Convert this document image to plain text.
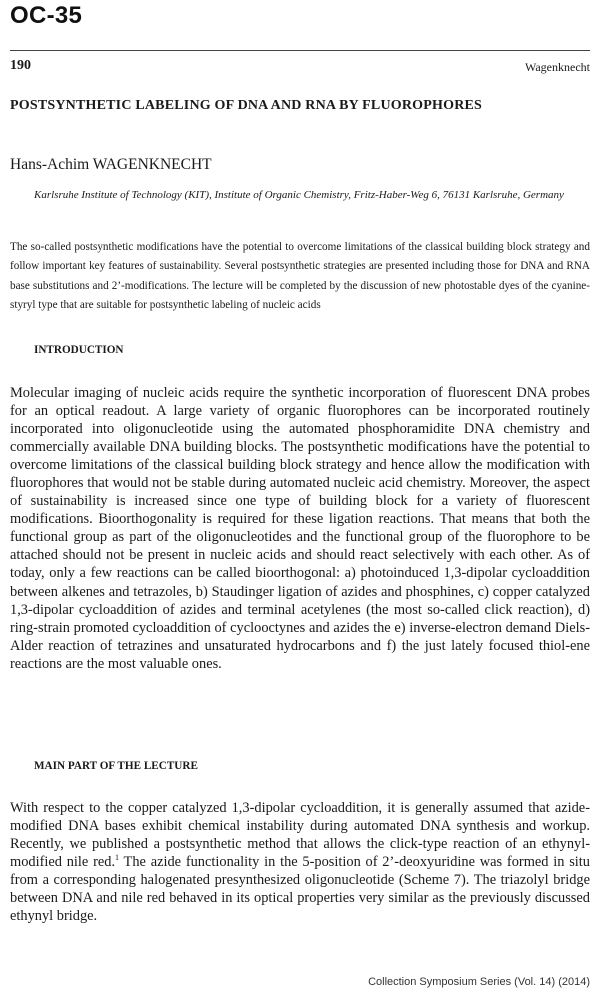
OC-35
190	Wagenknecht
POSTSYNTHETIC LABELING OF DNA AND RNA BY FLUOROPHORES
Hans-Achim WAGENKNECHT
Karlsruhe Institute of Technology (KIT), Institute of Organic Chemistry, Fritz-Haber-Weg 6, 76131 Karlsruhe, Germany
The so-called postsynthetic modifications have the potential to overcome limitations of the classical building block strategy and follow important key features of sustainability. Several postsynthetic strategies are presented including those for DNA and RNA base substitutions and 2’-modifications. The lecture will be completed by the discussion of new photostable dyes of the cyanine-styryl type that are suitable for postsynthetic labeling of nucleic acids
INTRODUCTION
Molecular imaging of nucleic acids require the synthetic incorporation of fluorescent DNA probes for an optical readout. A large variety of organic fluorophores can be incorporated routinely incorporated into oligonucleotide using the automated phosphoramidite DNA chemistry and commercially available DNA building blocks. The postsynthetic modifications have the potential to overcome limitations of the classical building block strategy and hence allow the modification with fluorophores that would not be stable during automated nucleic acid chemistry. Moreover, the aspect of sustainability is increased since one type of building block for a variety of fluorescent modifications. Bioorthogonality is required for these ligation reactions. That means that both the functional group as part of the oligonucleotides and the functional group of the fluorophore to be attached should not be present in nucleic acids and should react selectively with each other. As of today, only a few reactions can be called bioorthogonal: a) photoinduced 1,3-dipolar cycloaddition between alkenes and tetrazoles, b) Staudinger ligation of azides and phosphines, c) copper catalyzed 1,3-dipolar cycloaddition of azides and terminal acetylenes (the most so-called click reaction), d) ring-strain promoted cycloaddition of cyclooctynes and azides the e) inverse-electron demand Diels-Alder reaction of tetrazines and unsaturated hydrocarbons and f) the just lately focused thiol-ene reactions are the most valuable ones.
MAIN PART OF THE LECTURE
With respect to the copper catalyzed 1,3-dipolar cycloaddition, it is generally assumed that azide-modified DNA bases exhibit chemical instability during automated DNA synthesis and workup. Recently, we published a postsynthetic method that allows the click-type reaction of an ethynyl-modified nile red.$^1$ The azide functionality in the 5-position of 2’-deoxyuridine was formed in situ from a corresponding halogenated presynthesized oligonucleotide (Scheme 7). The triazolyl bridge between DNA and nile red behaved in its optical properties very similar as the previously discussed ethynyl bridge.
Collection Symposium Series (Vol. 14) (2014)
